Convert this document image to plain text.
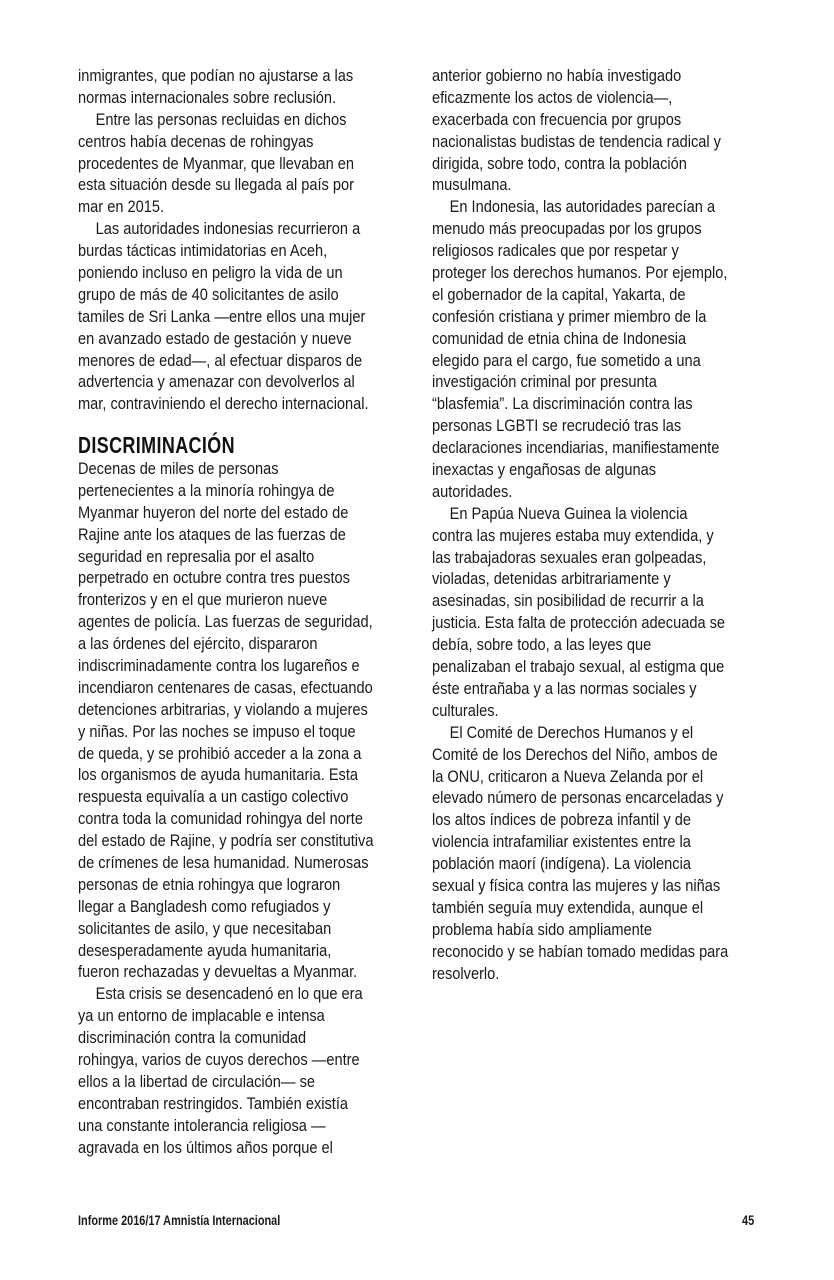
inmigrantes, que podían no ajustarse a las
normas internacionales sobre reclusión.
Entre las personas recluidas en dichos
centros había decenas de rohingyas
procedentes de Myanmar, que llevaban en
esta situación desde su llegada al país por
mar en 2015.
Las autoridades indonesias recurrieron a
burdas tácticas intimidatorias en Aceh,
poniendo incluso en peligro la vida de un
grupo de más de 40 solicitantes de asilo
tamiles de Sri Lanka —entre ellos una mujer
en avanzado estado de gestación y nueve
menores de edad—, al efectuar disparos de
advertencia y amenazar con devolverlos al
mar, contraviniendo el derecho internacional.
DISCRIMINACIÓN
Decenas de miles de personas
pertenecientes a la minoría rohingya de
Myanmar huyeron del norte del estado de
Rajine ante los ataques de las fuerzas de
seguridad en represalia por el asalto
perpetrado en octubre contra tres puestos
fronterizos y en el que murieron nueve
agentes de policía. Las fuerzas de seguridad,
a las órdenes del ejército, dispararon
indiscriminadamente contra los lugareños e
incendiaron centenares de casas, efectuando
detenciones arbitrarias, y violando a mujeres
y niñas. Por las noches se impuso el toque
de queda, y se prohibió acceder a la zona a
los organismos de ayuda humanitaria. Esta
respuesta equivalía a un castigo colectivo
contra toda la comunidad rohingya del norte
del estado de Rajine, y podría ser constitutiva
de crímenes de lesa humanidad. Numerosas
personas de etnia rohingya que lograron
llegar a Bangladesh como refugiados y
solicitantes de asilo, y que necesitaban
desesperadamente ayuda humanitaria,
fueron rechazadas y devueltas a Myanmar.
Esta crisis se desencadenó en lo que era
ya un entorno de implacable e intensa
discriminación contra la comunidad
rohingya, varios de cuyos derechos —entre
ellos a la libertad de circulación— se
encontraban restringidos. También existía
una constante intolerancia religiosa —
agravada en los últimos años porque el
anterior gobierno no había investigado
eficazmente los actos de violencia—,
exacerbada con frecuencia por grupos
nacionalistas budistas de tendencia radical y
dirigida, sobre todo, contra la población
musulmana.
En Indonesia, las autoridades parecían a
menudo más preocupadas por los grupos
religiosos radicales que por respetar y
proteger los derechos humanos. Por ejemplo,
el gobernador de la capital, Yakarta, de
confesión cristiana y primer miembro de la
comunidad de etnia china de Indonesia
elegido para el cargo, fue sometido a una
investigación criminal por presunta
“blasfemia”. La discriminación contra las
personas LGBTI se recrudeció tras las
declaraciones incendiarias, manifiestamente
inexactas y engañosas de algunas
autoridades.
En Papúa Nueva Guinea la violencia
contra las mujeres estaba muy extendida, y
las trabajadoras sexuales eran golpeadas,
violadas, detenidas arbitrariamente y
asesinadas, sin posibilidad de recurrir a la
justicia. Esta falta de protección adecuada se
debía, sobre todo, a las leyes que
penalizaban el trabajo sexual, al estigma que
éste entrañaba y a las normas sociales y
culturales.
El Comité de Derechos Humanos y el
Comité de los Derechos del Niño, ambos de
la ONU, criticaron a Nueva Zelanda por el
elevado número de personas encarceladas y
los altos índices de pobreza infantil y de
violencia intrafamiliar existentes entre la
población maorí (indígena). La violencia
sexual y física contra las mujeres y las niñas
también seguía muy extendida, aunque el
problema había sido ampliamente
reconocido y se habían tomado medidas para
resolverlo.
Informe 2016/17 Amnistía Internacional	45
